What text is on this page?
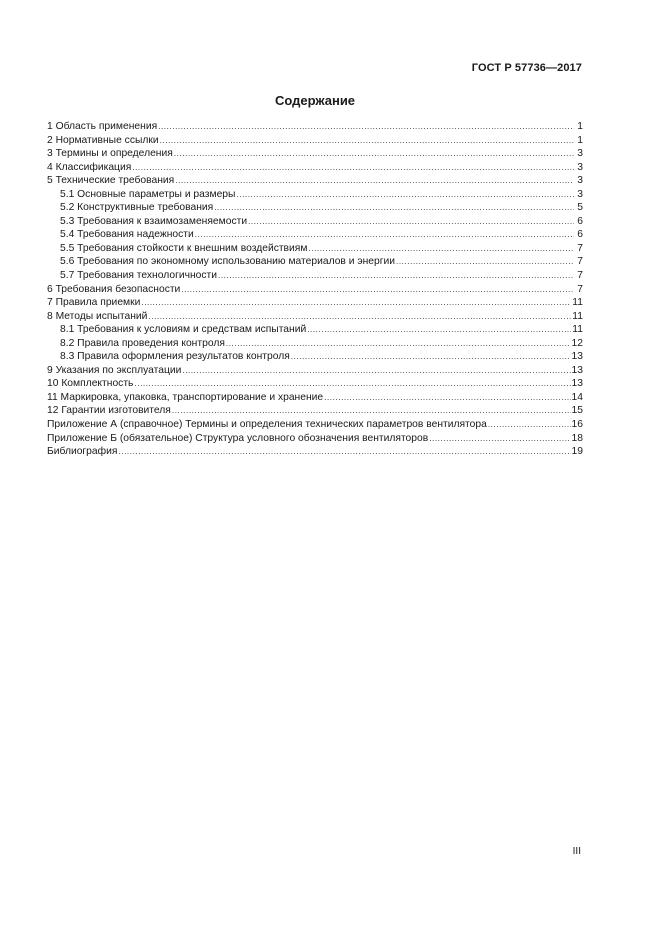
ГОСТ Р 57736—2017
Содержание
1 Область применения .....	1
2 Нормативные ссылки .....	1
3 Термины и определения .....	3
4 Классификация .....	3
5 Технические требования .....	3
5.1 Основные параметры и размеры .....	3
5.2 Конструктивные требования .....	5
5.3 Требования к взаимозаменяемости .....	6
5.4 Требования надежности .....	6
5.5 Требования стойкости к внешним воздействиям .....	7
5.6 Требования по экономному использованию материалов и энергии .....	7
5.7 Требования технологичности .....	7
6 Требования безопасности .....	7
7 Правила приемки .....	11
8 Методы испытаний .....	11
8.1 Требования к условиям и средствам испытаний .....	11
8.2 Правила проведения контроля .....	12
8.3 Правила оформления результатов контроля .....	13
9 Указания по эксплуатации .....	13
10 Комплектность .....	13
11 Маркировка, упаковка, транспортирование и хранение .....	14
12 Гарантии изготовителя .....	15
Приложение А (справочное) Термины и определения технических параметров вентилятора .....	16
Приложение Б (обязательное) Структура условного обозначения вентиляторов .....	18
Библиография .....	19
III
